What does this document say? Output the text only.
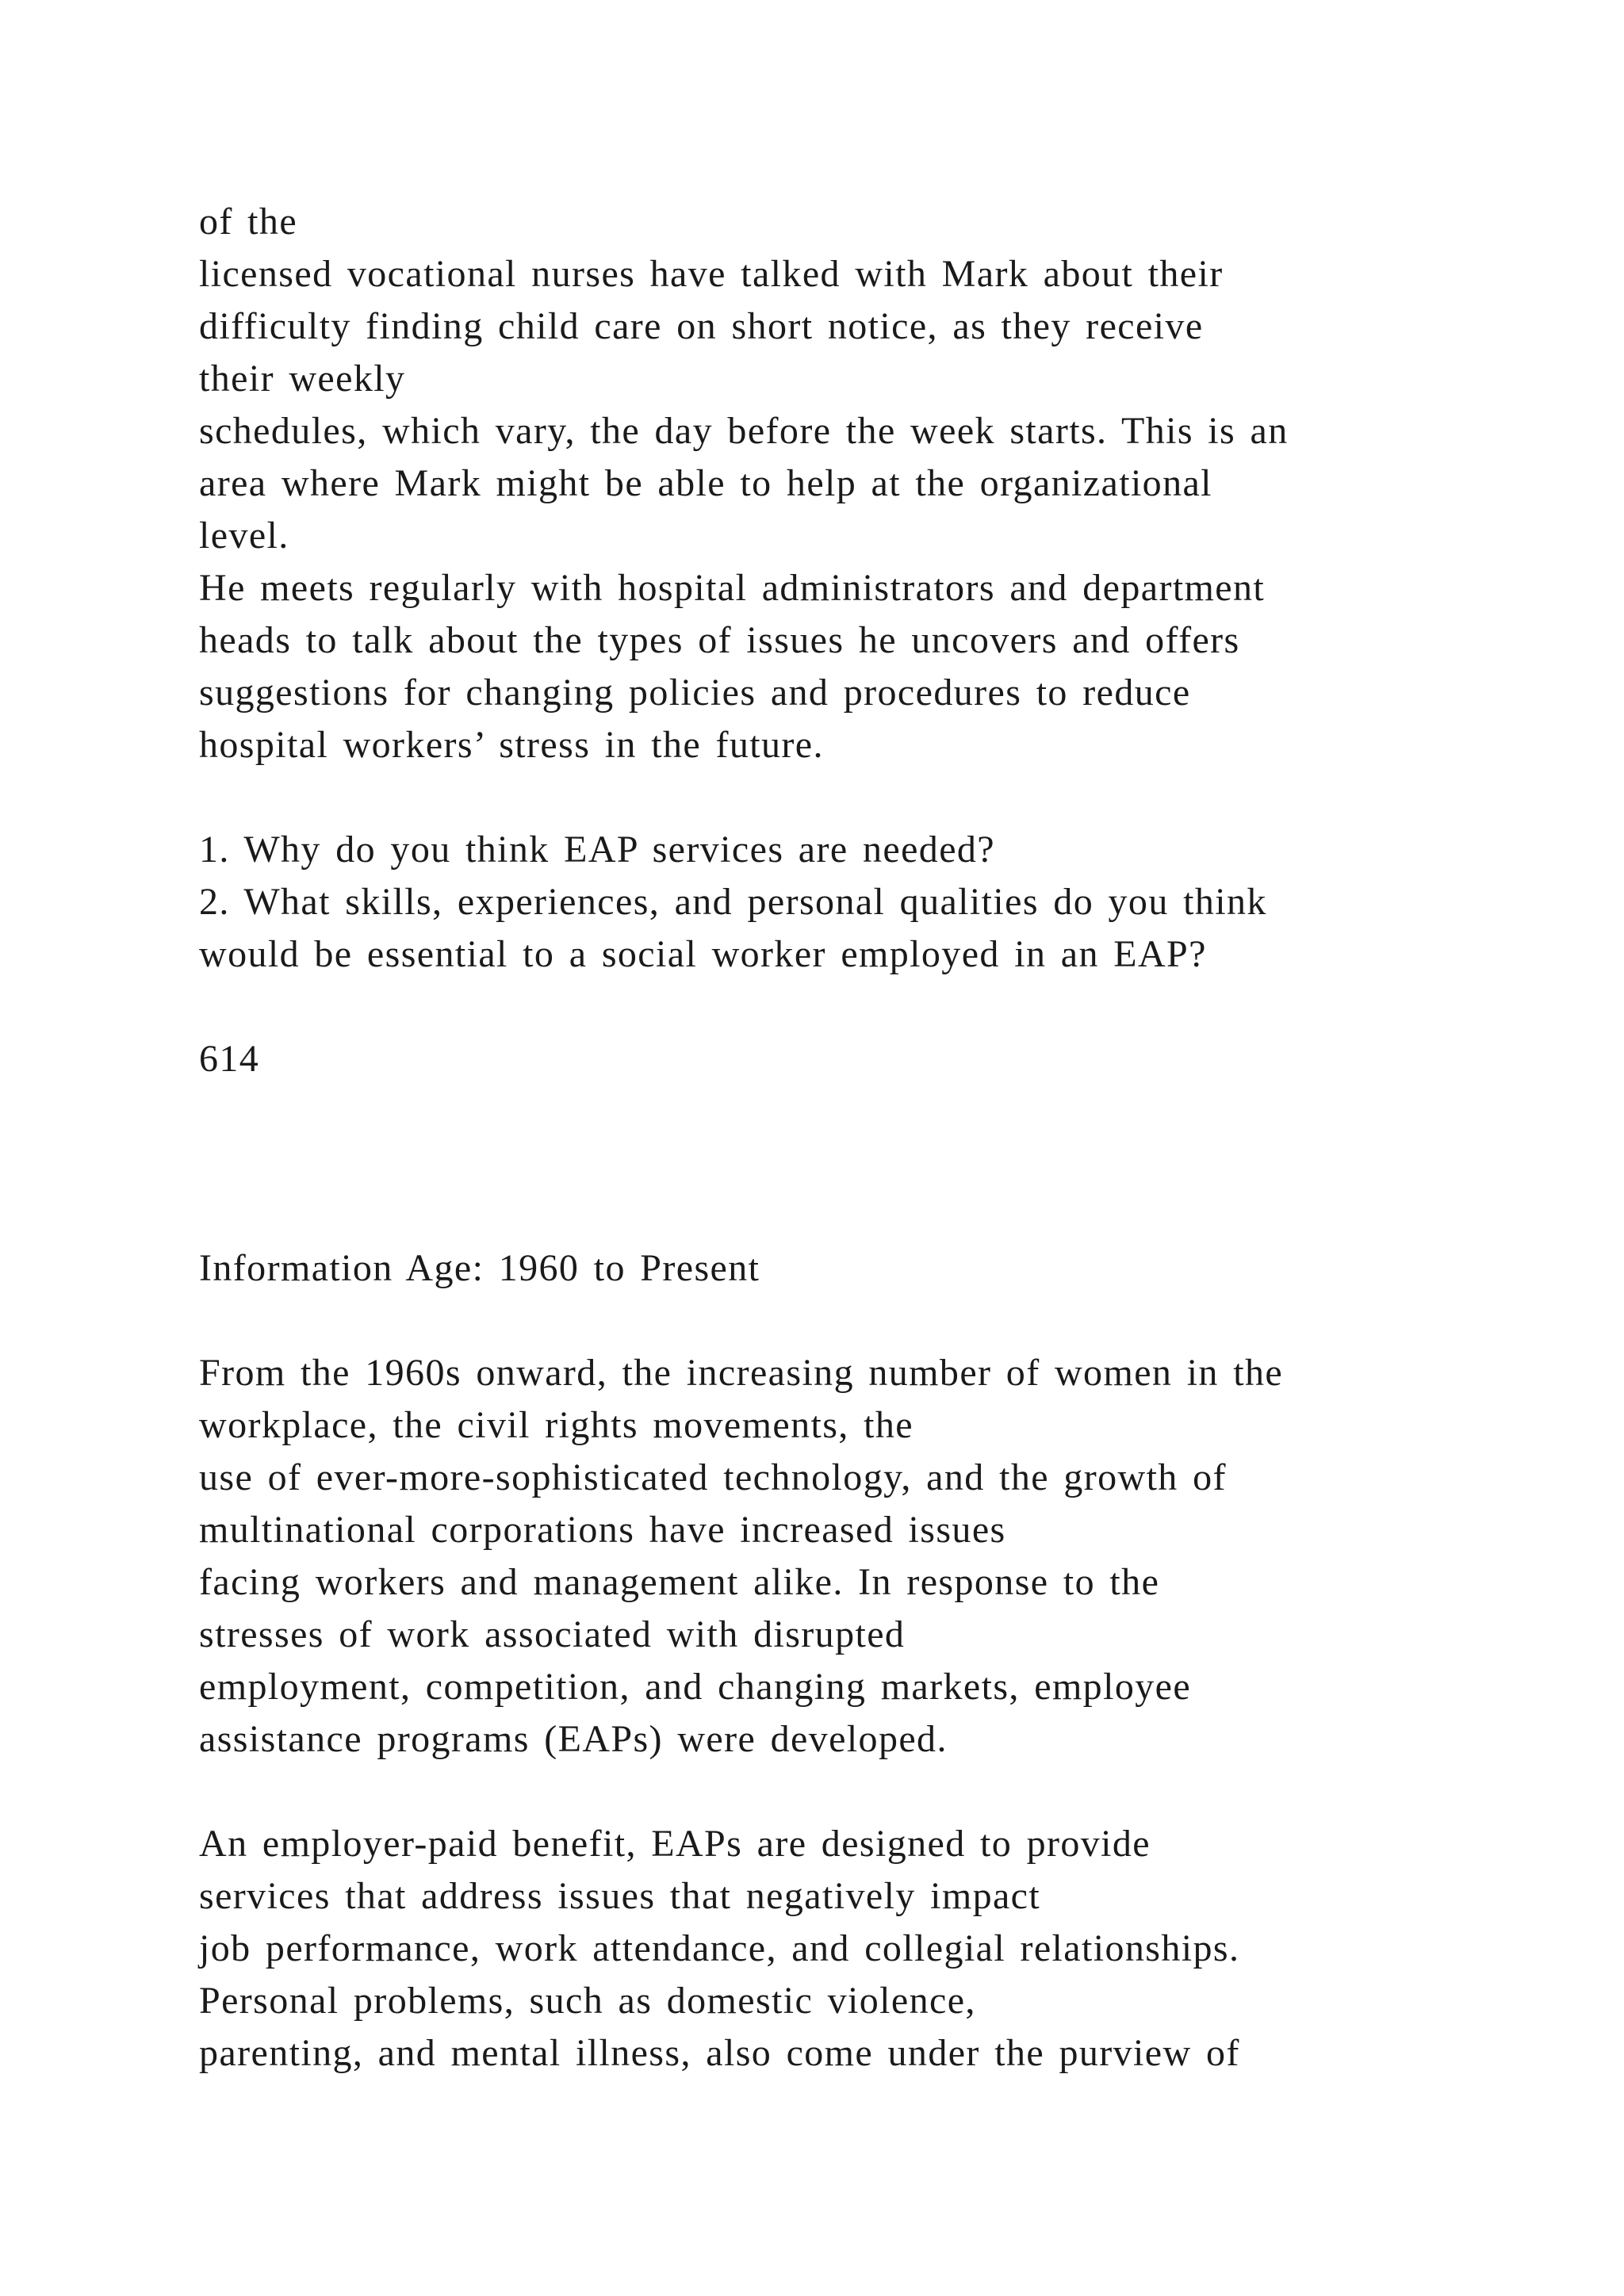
of the
licensed vocational nurses have talked with Mark about their
difficulty finding child care on short notice, as they receive
their weekly
schedules, which vary, the day before the week starts. This is an
area where Mark might be able to help at the organizational
level.
He meets regularly with hospital administrators and department
heads to talk about the types of issues he uncovers and offers
suggestions for changing policies and procedures to reduce
hospital workers’ stress in the future.
1. Why do you think EAP services are needed?
2. What skills, experiences, and personal qualities do you think
would be essential to a social worker employed in an EAP?
614
Information Age: 1960 to Present
From the 1960s onward, the increasing number of women in the
workplace, the civil rights movements, the
use of ever-more-sophisticated technology, and the growth of
multinational corporations have increased issues
facing workers and management alike. In response to the
stresses of work associated with disrupted
employment, competition, and changing markets, employee
assistance programs (EAPs) were developed.
An employer-paid benefit, EAPs are designed to provide
services that address issues that negatively impact
job performance, work attendance, and collegial relationships.
Personal problems, such as domestic violence,
parenting, and mental illness, also come under the purview of
